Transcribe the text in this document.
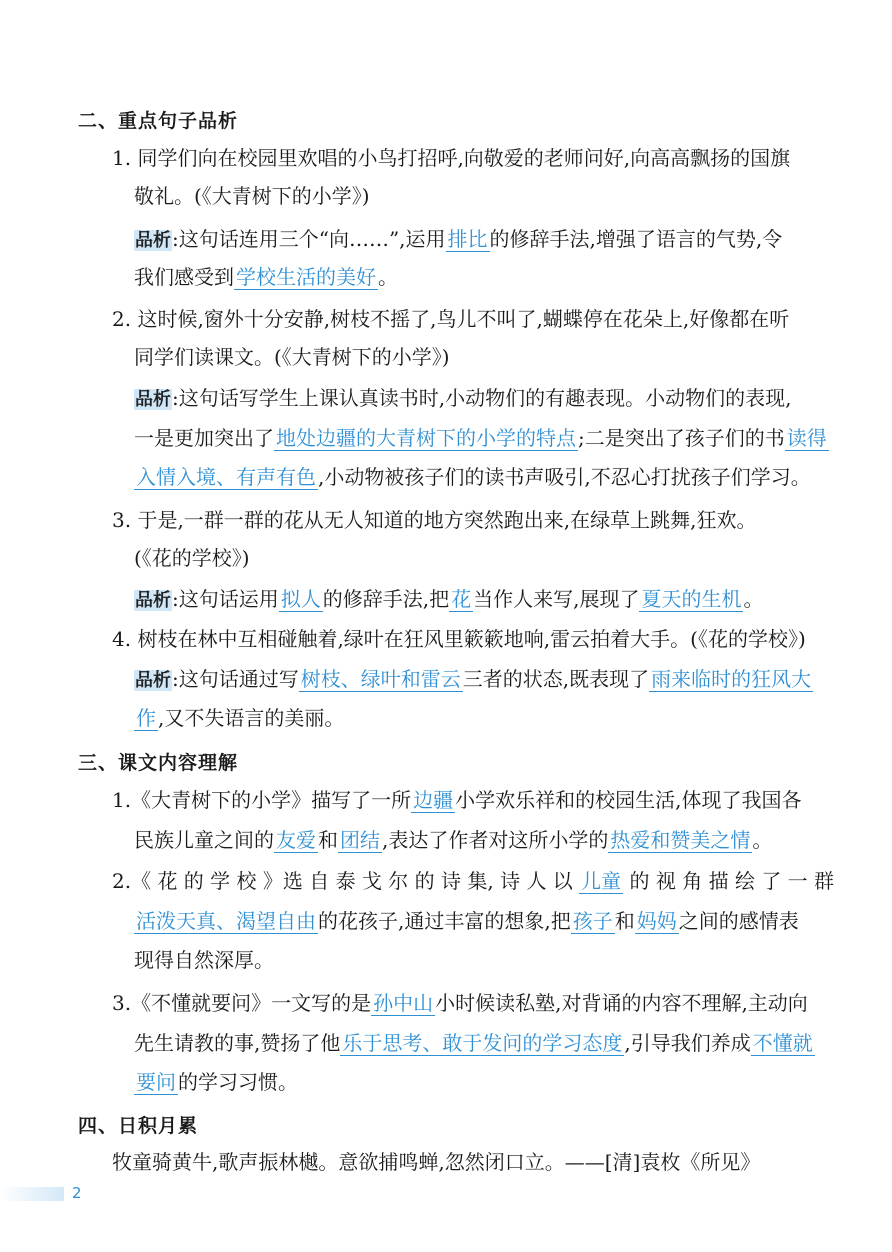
二、重点句子品析
1. 同学们向在校园里欢唱的小鸟打招呼,向敬爱的老师问好,向高高飘扬的国旗
敬礼。(《大青树下的小学》)
品析:这句话连用三个“向……”,运用 排比 的修辞手法,增强了语言的气势,令
我们感受到 学校生活的美好 。
2. 这时候,窗外十分安静,树枝不摇了,鸟儿不叫了,蝴蝶停在花朵上,好像都在听
同学们读课文。(《大青树下的小学》)
品析:这句话写学生上课认真读书时,小动物们的有趣表现。小动物们的表现,
一是更加突出了 地处边疆的大青树下的小学的特点 ;二是突出了孩子们的书 读得
入情入境、有声有色 ,小动物被孩子们的读书声吸引,不忍心打扰孩子们学习。
3. 于是,一群一群的花从无人知道的地方突然跑出来,在绿草上跳舞,狂欢。
(《花的学校》)
品析:这句话运用 拟人 的修辞手法,把 花 当作人来写,展现了 夏天的生机 。
4. 树枝在林中互相碰触着,绿叶在狂风里簌簌地响,雷云拍着大手。(《花的学校》)
品析:这句话通过写 树枝、绿叶和雷云 三者的状态,既表现了 雨来临时的狂风大
作 ,又不失语言的美丽。
三、课文内容理解
1.《大青树下的小学》描写了一所 边疆 小学欢乐祥和的校园生活,体现了我国各
民族儿童之间的 友爱 和 团结 ,表达了作者对这所小学的 热爱和赞美之情 。
2.《 花 的 学 校 》选 自 泰 戈 尔 的 诗 集, 诗 人 以 儿童 的 视 角 描 绘 了 一 群
活泼天真、渴望自由 的花孩子,通过丰富的想象,把 孩子 和 妈妈 之间的感情表
现得自然深厚。
3.《不懂就要问》一文写的是 孙中山 小时候读私塾,对背诵的内容不理解,主动向
先生请教的事,赞扬了他 乐于思考、敢于发问的学习态度 ,引导我们养成 不懂就
要问 的学习习惯。
四、日积月累
牧童骑黄牛,歌声振林樾。意欲捕鸣蝉,忽然闭口立。——[清]袁枚《所见》
2
